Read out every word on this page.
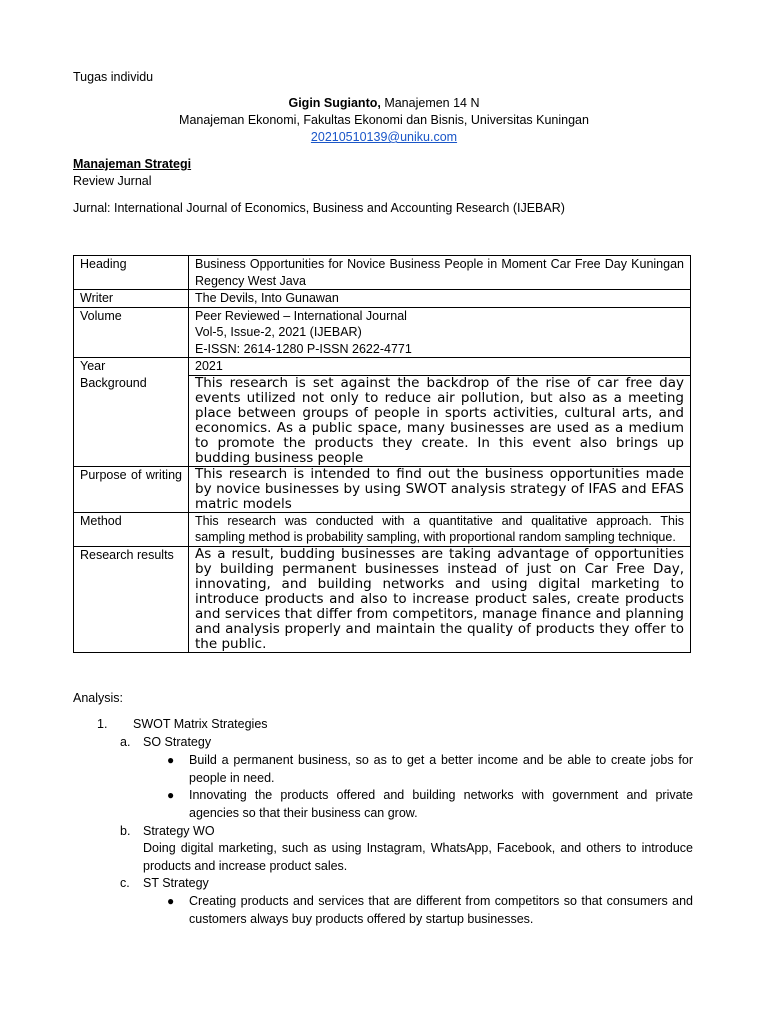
Tugas individu
Gigin Sugianto, Manajemen 14 N
Manajeman Ekonomi, Fakultas Ekonomi dan Bisnis, Universitas Kuningan
20210510139@uniku.com
Manajeman Strategi
Review Jurnal
Jurnal: International Journal of Economics, Business and Accounting Research (IJEBAR)
Heading	Business Opportunities for Novice Business People in Moment Car Free Day Kuningan Regency West Java
Writer	The Devils, Into Gunawan
Volume	Peer Reviewed – International Journal
Vol-5, Issue-2, 2021 (IJEBAR)
E-ISSN: 2614-1280 P-ISSN 2622-4771

Year	2021
Background	This research is set against the backdrop of the rise of car free day events utilized not only to reduce air pollution, but also as a meeting place between groups of people in sports activities, cultural arts, and economics. As a public space, many businesses are used as a medium to promote the products they create. In this event also brings up budding business people
Purpose of writing	This research is intended to find out the business opportunities made by novice businesses by using SWOT analysis strategy of IFAS and EFAS matric models
Method	This research was conducted with a quantitative and qualitative approach. This sampling method is probability sampling, with proportional random sampling technique.
Research results	As a result, budding businesses are taking advantage of opportunities by building permanent businesses instead of just on Car Free Day, innovating, and building networks and using digital marketing to introduce products and also to increase product sales, create products and services that differ from competitors, manage finance and planning and analysis properly and maintain the quality of products they offer to the public.
Analysis:
1. SWOT Matrix Strategies
a. SO Strategy
● Build a permanent business, so as to get a better income and be able to create jobs for people in need.
● Innovating the products offered and building networks with government and private agencies so that their business can grow.
b. Strategy WO
Doing digital marketing, such as using Instagram, WhatsApp, Facebook, and others to introduce products and increase product sales.
c. ST Strategy
● Creating products and services that are different from competitors so that consumers and customers always buy products offered by startup businesses.
